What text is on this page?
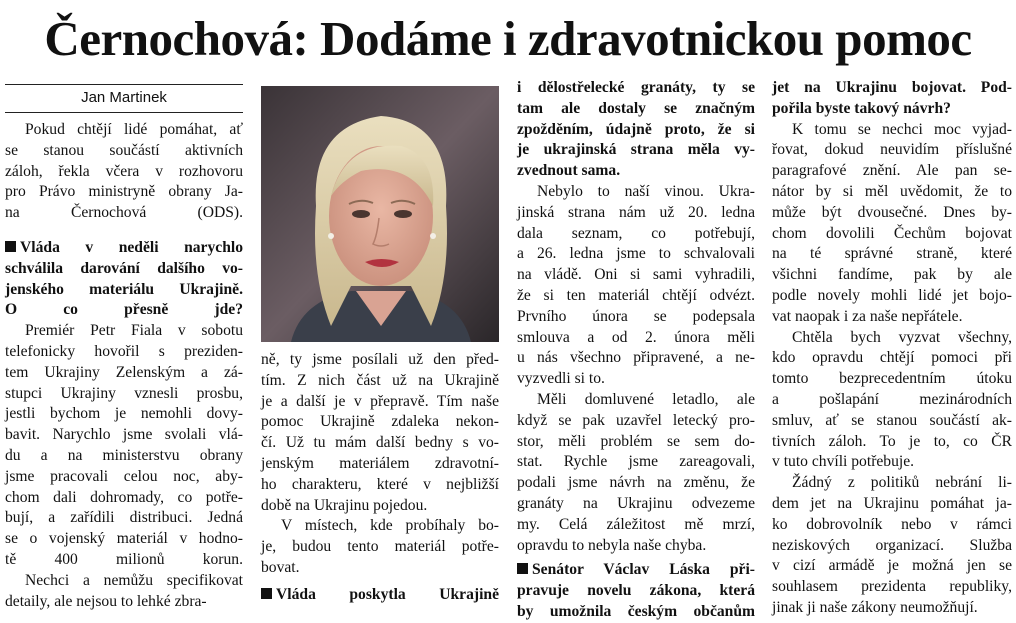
Černochová: Dodáme i zdravotnickou pomoc
Jan Martinek
Pokud chtějí lidé pomáhat, ať
se stanou součástí aktivních
záloh, řekla včera v rozhovoru
pro Právo ministryně obrany Ja-
na Černochová (ODS).
Vláda v neděli narychlo
schválila darování dalšího vo-
jenského materiálu Ukrajině.
O co přesně jde?
Premiér Petr Fiala v sobotu
telefonicky hovořil s preziden-
tem Ukrajiny Zelenským a zá-
stupci Ukrajiny vznesli prosbu,
jestli bychom je nemohli dovy-
bavit. Narychlo jsme svolali vlá-
du a na ministerstvu obrany
jsme pracovali celou noc, aby-
chom dali dohromady, co potře-
bují, a zařídili distribuci. Jedná
se o vojenský materiál v hodno-
tě 400 milionů korun.
Nechci a nemůžu specifikovat
detaily, ale nejsou to lehké zbra-
ně, ty jsme posílali už den před-
tím. Z nich část už na Ukrajině
je a další je v přepravě. Tím naše
pomoc Ukrajině zdaleka nekon-
čí. Už tu mám další bedny s vo-
jenským materiálem zdravotní-
ho charakteru, které v nejbližší
době na Ukrajinu pojedou.
V místech, kde probíhaly bo-
je, budou tento materiál potře-
bovat.
Vláda poskytla Ukrajině
i dělostřelecké granáty, ty se
tam ale dostaly se značným
zpožděním, údajně proto, že si
je ukrajinská strana měla vy-
zvednout sama.
Nebylo to naší vinou. Ukra-
jinská strana nám už 20. ledna
dala seznam, co potřebují,
a 26. ledna jsme to schvalovali
na vládě. Oni si sami vyhradili,
že si ten materiál chtějí odvézt.
Prvního února se podepsala
smlouva a od 2. února měli
u nás všechno připravené, a ne-
vyzvedli si to.
Měli domluvené letadlo, ale
když se pak uzavřel letecký pro-
stor, měli problém se sem do-
stat. Rychle jsme zareagovali,
podali jsme návrh na změnu, že
granáty na Ukrajinu odvezeme
my. Celá záležitost mě mrzí,
opravdu to nebyla naše chyba.
Senátor Václav Láska při-
pravuje novelu zákona, která
by umožnila českým občanům
jet na Ukrajinu bojovat. Pod-
pořila byste takový návrh?
K tomu se nechci moc vyjad-
řovat, dokud neuvidím příslušné
paragrafové znění. Ale pan se-
nátor by si měl uvědomit, že to
může být dvousečné. Dnes by-
chom dovolili Čechům bojovat
na té správné straně, které
všichni fandíme, pak by ale
podle novely mohli lidé jet bojo-
vat naopak i za naše nepřátele.
Chtěla bych vyzvat všechny,
kdo opravdu chtějí pomoci při
tomto bezprecedentním útoku
a pošlapání mezinárodních
smluv, ať se stanou součástí ak-
tivních záloh. To je to, co ČR
v tuto chvíli potřebuje.
Žádný z politiků nebrání li-
dem jet na Ukrajinu pomáhat ja-
ko dobrovolník nebo v rámci
neziskových organizací. Služba
v cizí armádě je možná jen se
souhlasem prezidenta republiky,
jinak ji naše zákony neumožňují.
